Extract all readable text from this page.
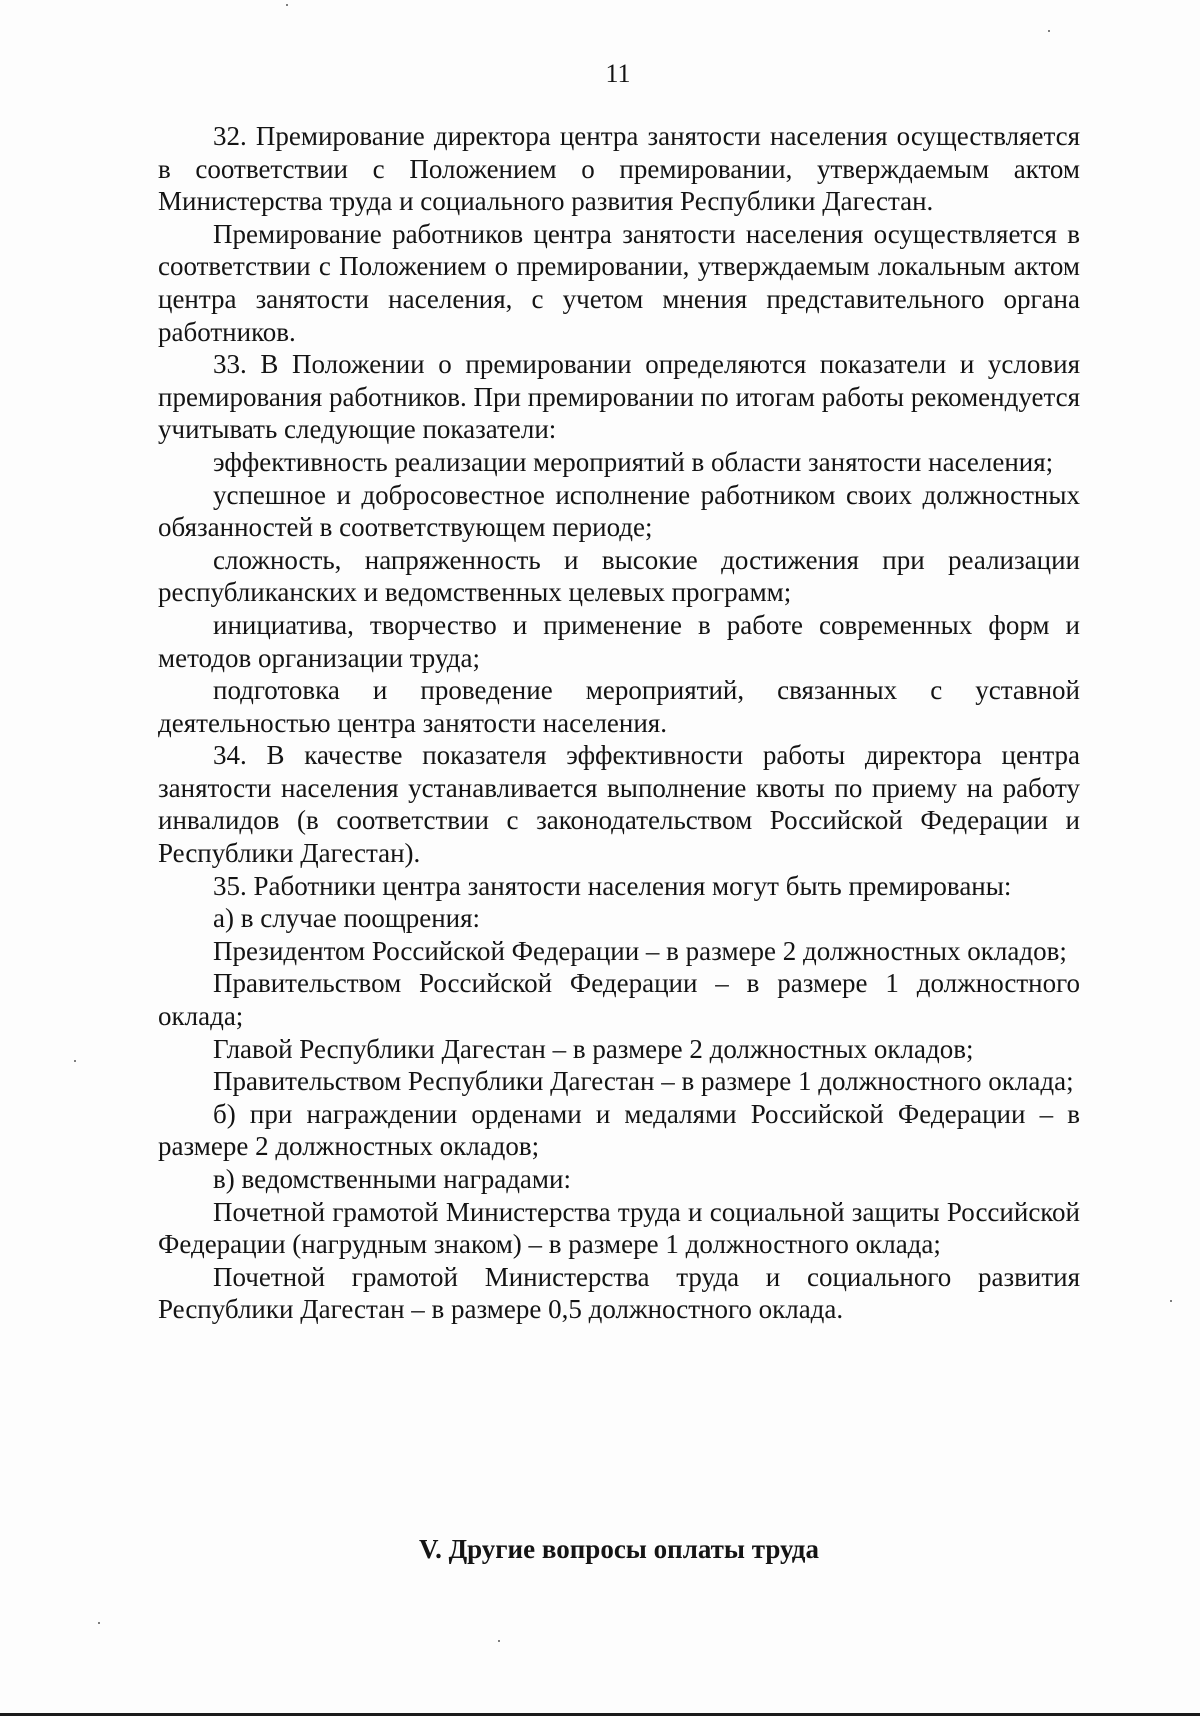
11

32. Премирование директора центра занятости населения осуществляется в соответствии с Положением о премировании, утверждаемым актом Министерства труда и социального развития Республики Дагестан.

Премирование работников центра занятости населения осуществляется в соответствии с Положением о премировании, утверждаемым локальным актом центра занятости населения, с учетом мнения представительного органа работников.

33. В Положении о премировании определяются показатели и условия премирования работников. При премировании по итогам работы рекомендуется учитывать следующие показатели:

эффективность реализации мероприятий в области занятости населения;

успешное и добросовестное исполнение работником своих должностных обязанностей в соответствующем периоде;

сложность, напряженность и высокие достижения при реализации республиканских и ведомственных целевых программ;

инициатива, творчество и применение в работе современных форм и методов организации труда;

подготовка и проведение мероприятий, связанных с уставной деятельностью центра занятости населения.

34. В качестве показателя эффективности работы директора центра занятости населения устанавливается выполнение квоты по приему на работу инвалидов (в соответствии с законодательством Российской Федерации и Республики Дагестан).

35. Работники центра занятости населения могут быть премированы:

а) в случае поощрения:

Президентом Российской Федерации – в размере 2 должностных окладов;

Правительством Российской Федерации – в размере 1 должностного оклада;

Главой Республики Дагестан – в размере 2 должностных окладов;

Правительством Республики Дагестан – в размере 1 должностного оклада;

б) при награждении орденами и медалями Российской Федерации – в размере 2 должностных окладов;

в) ведомственными наградами:

Почетной грамотой Министерства труда и социальной защиты Российской Федерации (нагрудным знаком) – в размере 1 должностного оклада;

Почетной грамотой Министерства труда и социального развития Республики Дагестан – в размере 0,5 должностного оклада.

V. Другие вопросы оплаты труда
